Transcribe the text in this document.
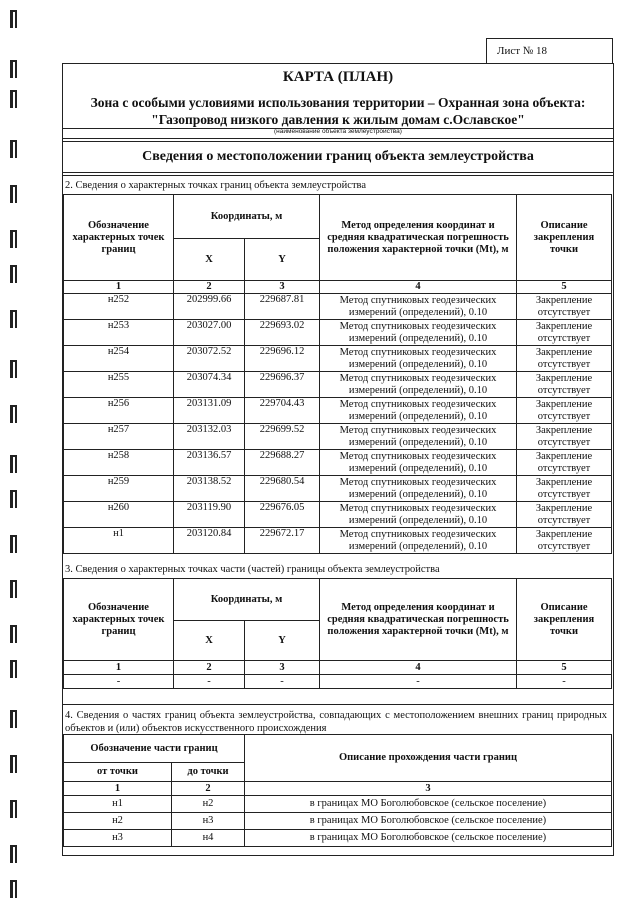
Лист № 18
КАРТА (ПЛАН)
Зона с особыми условиями использования территории – Охранная зона объекта:
"Газопровод низкого давления к жилым домам с.Ославское"
(наименование объекта землеустройства)
Сведения о местоположении границ объекта землеустройства
2. Сведения о характерных точках границ объекта землеустройства
Обозначение характерных точек границ	Координаты, м		Метод определения координат и средняя квадратическая погрешность положения характерной точки (Mt), м	Описание закрепления точки
	X	Y		
1	2	3	4	5
н252	202999.66	229687.81	Метод спутниковых геодезических измерений (определений), 0.10	Закрепление отсутствует
н253	203027.00	229693.02	Метод спутниковых геодезических измерений (определений), 0.10	Закрепление отсутствует
н254	203072.52	229696.12	Метод спутниковых геодезических измерений (определений), 0.10	Закрепление отсутствует
н255	203074.34	229696.37	Метод спутниковых геодезических измерений (определений), 0.10	Закрепление отсутствует
н256	203131.09	229704.43	Метод спутниковых геодезических измерений (определений), 0.10	Закрепление отсутствует
н257	203132.03	229699.52	Метод спутниковых геодезических измерений (определений), 0.10	Закрепление отсутствует
н258	203136.57	229688.27	Метод спутниковых геодезических измерений (определений), 0.10	Закрепление отсутствует
н259	203138.52	229680.54	Метод спутниковых геодезических измерений (определений), 0.10	Закрепление отсутствует
н260	203119.90	229676.05	Метод спутниковых геодезических измерений (определений), 0.10	Закрепление отсутствует
н1	203120.84	229672.17	Метод спутниковых геодезических измерений (определений), 0.10	Закрепление отсутствует
3. Сведения о характерных точках части (частей) границы объекта землеустройства
Обозначение характерных точек границ	Координаты, м		Метод определения координат и средняя квадратическая погрешность положения характерной точки (Mt), м	Описание закрепления точки
	X	Y		
1	2	3	4	5
-	-	-	-	-
4. Сведения о частях границ объекта землеустройства, совпадающих с местоположением внешних границ природных объектов и (или) объектов искусственного происхождения
Обозначение части границ		Описание прохождения части границ
от точки	до точки	
1	2	3
н1	н2	в границах МО Боголюбовское (сельское поселение)
н2	н3	в границах МО Боголюбовское (сельское поселение)
н3	н4	в границах МО Боголюбовское (сельское поселение)
